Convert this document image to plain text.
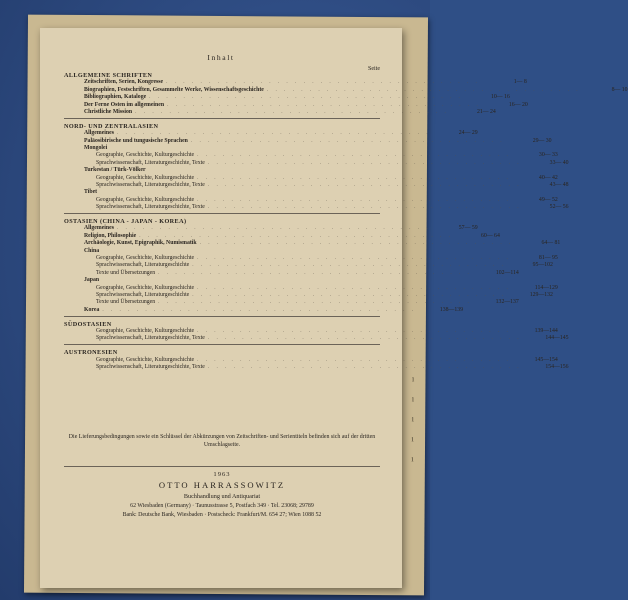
1
1
1
1
1
Inhalt
Seite
ALLGEMEINE SCHRIFTEN
Zeitschriften, Serien, Kongresse . . . . . . . . . . . . . . . . . . . . . . . . . . . . . . . . . . . . .	1— 8
Biographien, Festschriften, Gesammelte Werke, Wissenschaftsgeschichte . . . . . . . . . . . . . . . . . . . . . . . . . . . . . . . . . . . . .	8— 10
Bibliographien, Kataloge . . . . . . . . . . . . . . . . . . . . . . . . . . . . . . . . . . . . .	10— 16
Der Ferne Osten im allgemeinen . . . . . . . . . . . . . . . . . . . . . . . . . . . . . . . . . . . . .	16— 20
Christliche Mission . . . . . . . . . . . . . . . . . . . . . . . . . . . . . . . . . . . . .	21— 24
NORD- UND ZENTRALASIEN
Allgemeines . . . . . . . . . . . . . . . . . . . . . . . . . . . . . . . . . . . . .	24— 29
Paläosibirische und tungusische Sprachen . . . . . . . . . . . . . . . . . . . . . . . . . . . . . . . . . . . . .	29— 30
Mongolei
Geographie, Geschichte, Kulturgeschichte . . . . . . . . . . . . . . . . . . . . . . . . . . . . . . . . . . . . .	30— 33
Sprachwissenschaft, Literaturgeschichte, Texte . . . . . . . . . . . . . . . . . . . . . . . . . . . . . . . . . . . . .	33— 40
Turkestan / Türk-Völker
Geographie, Geschichte, Kulturgeschichte . . . . . . . . . . . . . . . . . . . . . . . . . . . . . . . . . . . . .	40— 42
Sprachwissenschaft, Literaturgeschichte, Texte . . . . . . . . . . . . . . . . . . . . . . . . . . . . . . . . . . . . .	43— 48
Tibet
Geographie, Geschichte, Kulturgeschichte . . . . . . . . . . . . . . . . . . . . . . . . . . . . . . . . . . . . .	49— 52
Sprachwissenschaft, Literaturgeschichte, Texte . . . . . . . . . . . . . . . . . . . . . . . . . . . . . . . . . . . . .	52— 56
OSTASIEN (CHINA - JAPAN - KOREA)
Allgemeines . . . . . . . . . . . . . . . . . . . . . . . . . . . . . . . . . . . . .	57— 59
Religion, Philosophie . . . . . . . . . . . . . . . . . . . . . . . . . . . . . . . . . . . . .	60— 64
Archäologie, Kunst, Epigraphik, Numismatik . . . . . . . . . . . . . . . . . . . . . . . . . . . . . . . . . . . . .	64— 81
China
Geographie, Geschichte, Kulturgeschichte . . . . . . . . . . . . . . . . . . . . . . . . . . . . . . . . . . . . .	81— 95
Sprachwissenschaft, Literaturgeschichte . . . . . . . . . . . . . . . . . . . . . . . . . . . . . . . . . . . . .	95—102
Texte und Übersetzungen . . . . . . . . . . . . . . . . . . . . . . . . . . . . . . . . . . . . .	102—114
Japan
Geographie, Geschichte, Kulturgeschichte . . . . . . . . . . . . . . . . . . . . . . . . . . . . . . . . . . . . .	114—129
Sprachwissenschaft, Literaturgeschichte . . . . . . . . . . . . . . . . . . . . . . . . . . . . . . . . . . . . .	129—132
Texte und Übersetzungen . . . . . . . . . . . . . . . . . . . . . . . . . . . . . . . . . . . . .	132—137
Korea . . . . . . . . . . . . . . . . . . . . . . . . . . . . . . . . . . . . .	138—139
SÜDOSTASIEN
Geographie, Geschichte, Kulturgeschichte . . . . . . . . . . . . . . . . . . . . . . . . . . . . . . . . . . . . .	139—144
Sprachwissenschaft, Literaturgeschichte, Texte . . . . . . . . . . . . . . . . . . . . . . . . . . . . . . . . . . . . .	144—145
AUSTRONESIEN
Geographie, Geschichte, Kulturgeschichte . . . . . . . . . . . . . . . . . . . . . . . . . . . . . . . . . . . . .	145—154
Sprachwissenschaft, Literaturgeschichte, Texte . . . . . . . . . . . . . . . . . . . . . . . . . . . . . . . . . . . . .	154—156
Die Lieferungsbedingungen sowie ein Schlüssel der Abkürzungen von Zeitschriften- und Serientiteln befinden sich auf der dritten Umschlagseite.
1963
OTTO HARRASSOWITZ
Buchhandlung und Antiquariat
62 Wiesbaden (Germany) · Taunusstrasse 5, Postfach 349 · Tel. 23068; 29789
Bank: Deutsche Bank, Wiesbaden · Postscheck: Frankfurt/M. 654 27; Wien 1088 52
